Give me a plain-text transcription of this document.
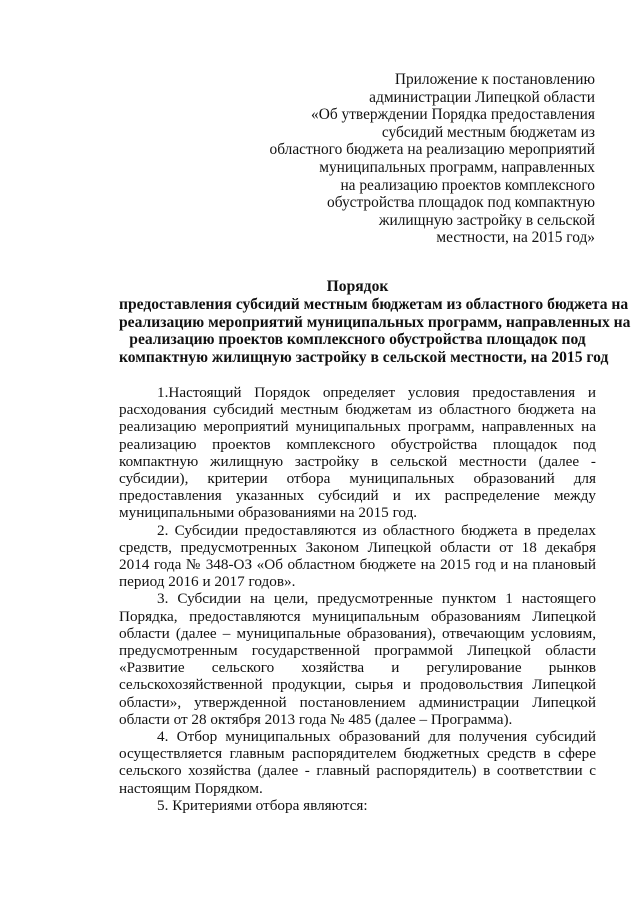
Приложение к постановлению
администрации Липецкой области
«Об утверждении Порядка предоставления
субсидий местным бюджетам из
областного бюджета на реализацию мероприятий
муниципальных программ, направленных
на реализацию проектов комплексного
обустройства площадок под компактную
жилищную застройку в сельской
местности, на 2015 год»
Порядок
предоставления субсидий местным бюджетам из областного бюджета на
реализацию мероприятий муниципальных программ, направленных на
реализацию проектов комплексного обустройства площадок под
компактную жилищную застройку в сельской местности, на 2015 год

1.Настоящий Порядок определяет условия предоставления и расходования субсидий местным бюджетам из областного бюджета на реализацию мероприятий муниципальных программ, направленных на реализацию проектов комплексного обустройства площадок под компактную жилищную застройку в сельской местности (далее - субсидии), критерии отбора муниципальных образований для предоставления указанных субсидий и их распределение между муниципальными образованиями на 2015 год.

2. Субсидии предоставляются из областного бюджета в пределах средств, предусмотренных Законом Липецкой области от 18 декабря 2014 года № 348-ОЗ «Об областном бюджете на 2015 год и на плановый период 2016 и 2017 годов».

3. Субсидии на цели, предусмотренные пунктом 1 настоящего Порядка, предоставляются муниципальным образованиям Липецкой области (далее – муниципальные образования), отвечающим условиям, предусмотренным государственной программой Липецкой области «Развитие сельского хозяйства и регулирование рынков сельскохозяйственной продукции, сырья и продовольствия Липецкой области», утвержденной постановлением администрации Липецкой области от 28 октября 2013 года № 485 (далее – Программа).

4. Отбор муниципальных образований для получения субсидий осуществляется главным распорядителем бюджетных средств в сфере сельского хозяйства (далее - главный распорядитель) в соответствии с настоящим Порядком.

5. Критериями отбора являются:
